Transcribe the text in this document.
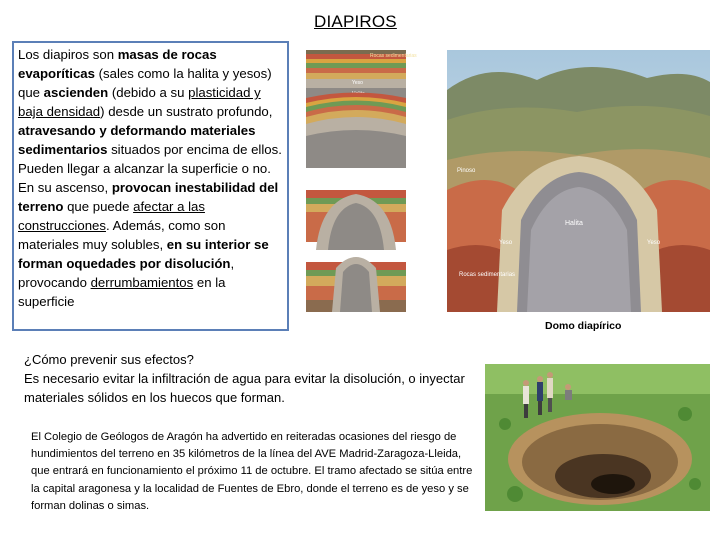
DIAPIROS
Los diapiros son masas de rocas evaporíticas (sales como la halita y yesos) que ascienden (debido a su plasticidad y baja densidad) desde un sustrato profundo, atravesando y deformando materiales sedimentarios situados por encima de ellos. Pueden llegar a alcanzar la superficie o no. En su ascenso, provocan inestabilidad del terreno que puede afectar a las construcciones. Además, como son materiales muy solubles, en su interior se forman oquedades por disolución, provocando derrumbamientos en la superficie
Rocas sedimentarias
Yeso
Pinoso
Halita
Yeso	Yeso
Rocas sedimentarias
Domo diapírico
¿Cómo prevenir sus efectos?
Es necesario evitar la infiltración de agua para evitar la disolución, o inyectar materiales sólidos en los huecos que forman.
El Colegio de Geólogos de Aragón ha advertido en reiteradas ocasiones del riesgo de hundimientos del terreno en 35 kilómetros de la línea del AVE Madrid-Zaragoza-Lleida, que entrará en funcionamiento el próximo 11 de octubre. El tramo afectado se sitúa entre la capital aragonesa y la localidad de Fuentes de Ebro, donde el terreno es de yeso y se forman dolinas o simas.
